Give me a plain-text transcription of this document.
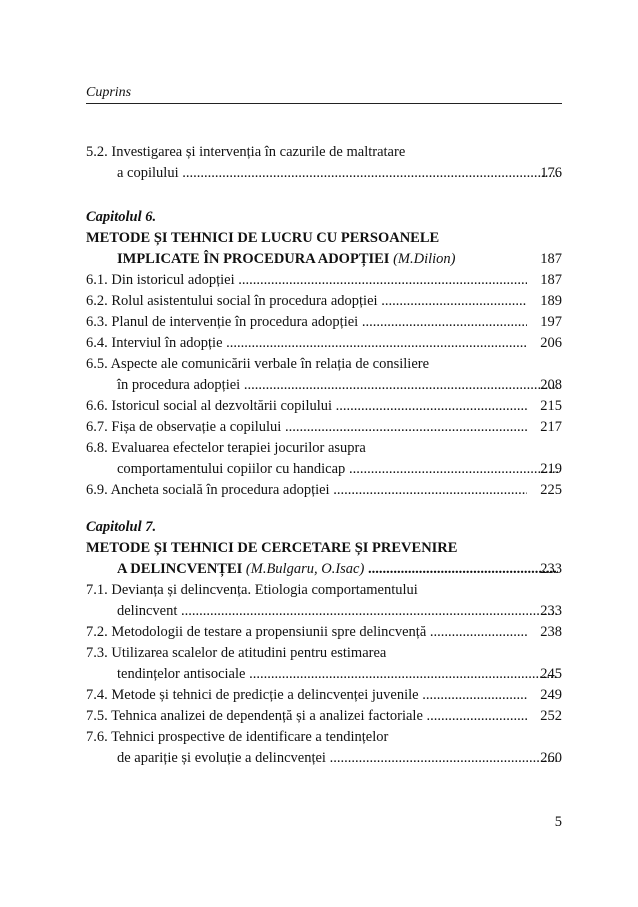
Cuprins
5.2. Investigarea și intervenția în cazurile de maltratare
a copilului .....	176
Capitolul 6.
METODE ȘI TEHNICI DE LUCRU CU PERSOANELE
IMPLICATE ÎN PROCEDURA ADOPȚIEI (M.Dilion)	187
6.1. Din istoricul adopției .....	187
6.2. Rolul asistentului social în procedura adopției .....	189
6.3. Planul de intervenție în procedura adopției .....	197
6.4. Interviul în adopție .....	206
6.5. Aspecte ale comunicării verbale în relația de consiliere
în procedura adopției .....	208
6.6. Istoricul social al dezvoltării copilului .....	215
6.7. Fișa de observație a copilului .....	217
6.8. Evaluarea efectelor terapiei jocurilor asupra
comportamentului copiilor cu handicap .....	219
6.9. Ancheta socială în procedura adopției .....	225
Capitolul 7.
METODE ȘI TEHNICI DE CERCETARE ȘI PREVENIRE
A DELINCVENȚEI (M.Bulgaru, O.Isac) .....	233
7.1. Devianța și delincvența. Etiologia comportamentului
delincvent .....	233
7.2. Metodologii de testare a propensiunii spre delincvență .....	238
7.3. Utilizarea scalelor de atitudini pentru estimarea
tendințelor antisociale .....	245
7.4. Metode și tehnici de predicție a delincvenței juvenile .....	249
7.5. Tehnica analizei de dependență și a analizei factoriale .....	252
7.6. Tehnici prospective de identificare a tendințelor
de apariție și evoluție a delincvenței .....	260
5
